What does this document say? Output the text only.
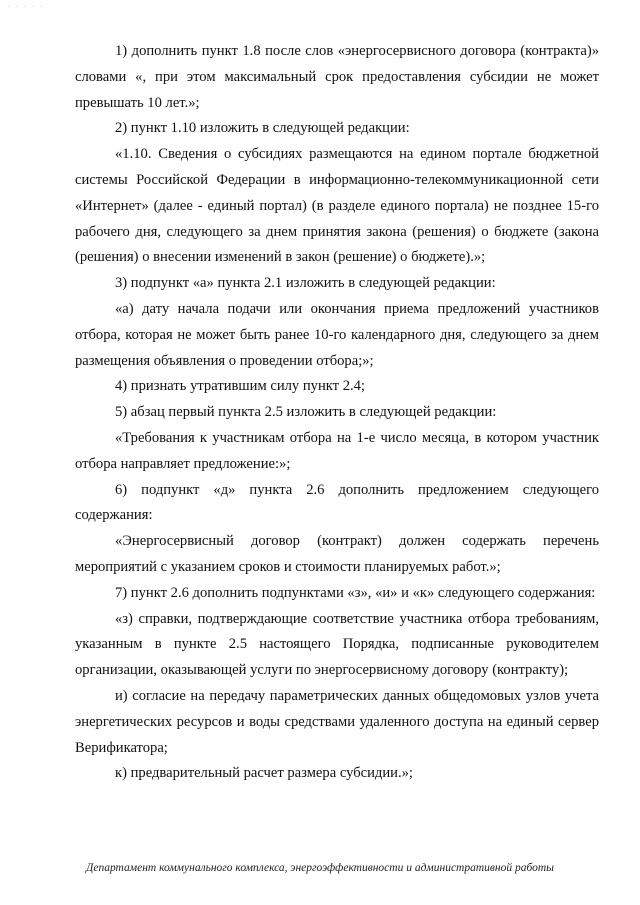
· · · · ·

1) дополнить пункт 1.8 после слов «энергосервисного договора (контракта)» словами «, при этом максимальный срок предоставления субсидии не может превышать 10 лет.»;

2) пункт 1.10 изложить в следующей редакции:

«1.10. Сведения о субсидиях размещаются на едином портале бюджетной системы Российской Федерации в информационно-телекоммуникационной сети «Интернет» (далее - единый портал) (в разделе единого портала) не позднее 15-го рабочего дня, следующего за днем принятия закона (решения) о бюджете (закона (решения) о внесении изменений в закон (решение) о бюджете).»;

3) подпункт «а» пункта 2.1 изложить в следующей редакции:

«а) дату начала подачи или окончания приема предложений участников отбора, которая не может быть ранее 10-го календарного дня, следующего за днем размещения объявления о проведении отбора;»;

4) признать утратившим силу пункт 2.4;

5) абзац первый пункта 2.5 изложить в следующей редакции:

«Требования к участникам отбора на 1-е число месяца, в котором участник отбора направляет предложение:»;

6) подпункт «д» пункта 2.6 дополнить предложением следующего содержания:

«Энергосервисный договор (контракт) должен содержать перечень мероприятий с указанием сроков и стоимости планируемых работ.»;

7) пункт 2.6 дополнить подпунктами «з», «и» и «к» следующего содержания:

«з) справки, подтверждающие соответствие участника отбора требованиям, указанным в пункте 2.5 настоящего Порядка, подписанные руководителем организации, оказывающей услуги по энергосервисному договору (контракту);

и) согласие на передачу параметрических данных общедомовых узлов учета энергетических ресурсов и воды средствами удаленного доступа на единый сервер Верификатора;

к) предварительный расчет размера субсидии.»;

Департамент коммунального комплекса, энергоэффективности и административной работы
